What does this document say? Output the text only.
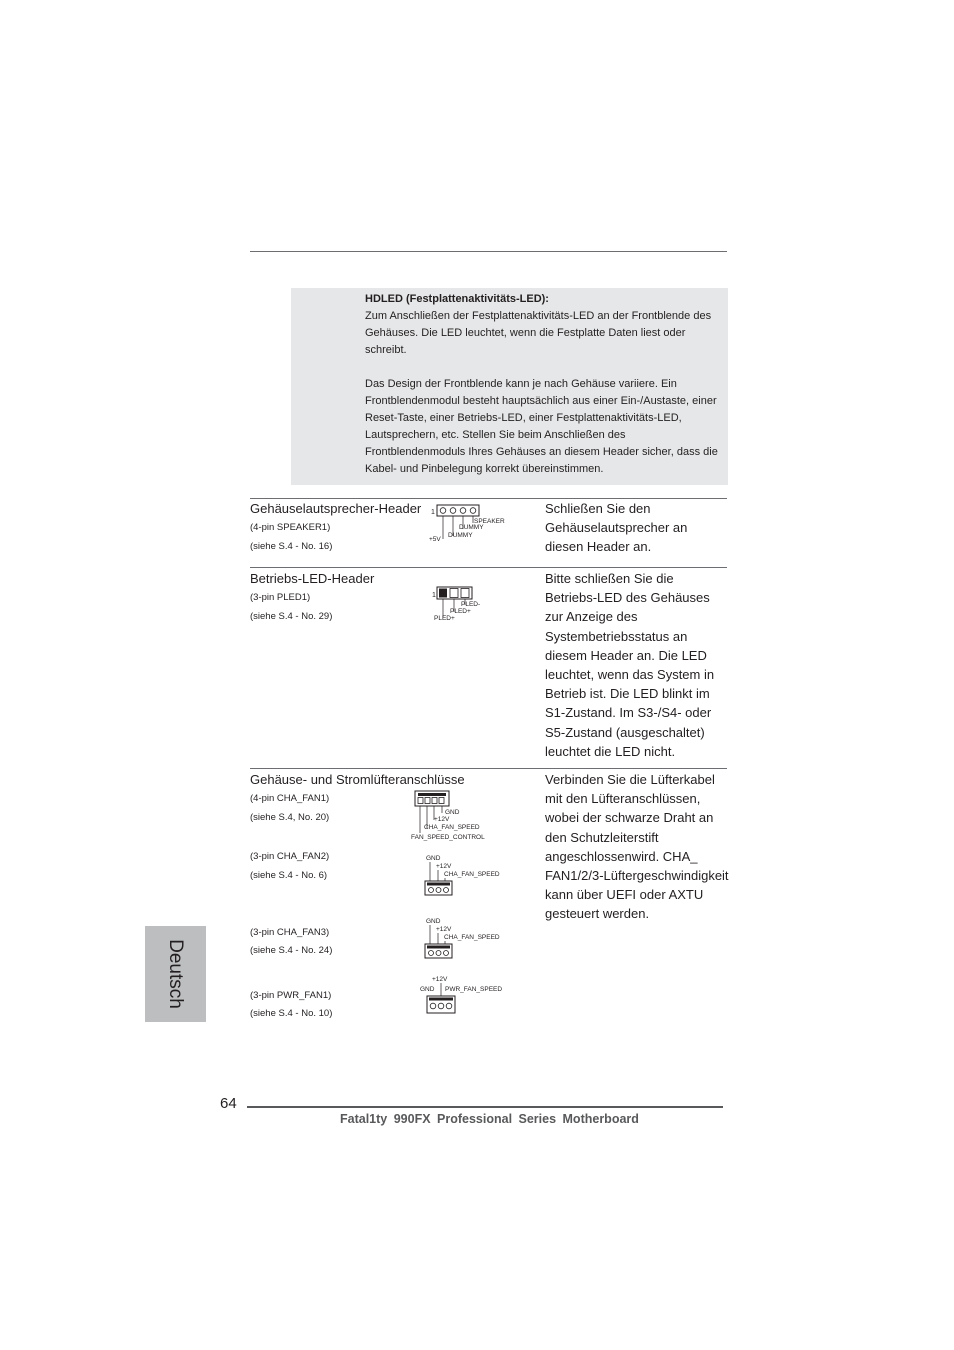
HDLED (Festplattenaktivitäts-LED):

Zum Anschließen der Festplattenaktivitäts-LED an der Frontblende des

Gehäuses. Die LED leuchtet, wenn die Festplatte Daten liest oder

schreibt.

Das Design der Frontblende kann je nach Gehäuse variiere. Ein

Frontblendenmodul besteht hauptsächlich aus einer Ein-/Austaste, einer

Reset-Taste, einer Betriebs-LED, einer Festplattenaktivitäts-LED,

Lautsprechern, etc. Stellen Sie beim Anschließen des

Frontblendenmoduls Ihres Gehäuses an diesem Header sicher, dass die

Kabel- und Pinbelegung korrekt übereinstimmen.

Gehäuselautsprecher-Header
(4-pin SPEAKER1)
(siehe S.4 - No. 16)
1
SPEAKER
DUMMY
DUMMY
+5V
Schließen Sie den
Gehäuselautsprecher an
diesen Header an.
Betriebs-LED-Header
(3-pin PLED1)
(siehe S.4 - No. 29)
1
PLED-
PLED+
PLED+
Bitte schließen Sie die
Betriebs-LED des Gehäuses
zur Anzeige des
Systembetriebsstatus an
diesem Header an. Die LED
leuchtet, wenn das System in
Betrieb ist. Die LED blinkt im
S1-Zustand. Im S3-/S4- oder
S5-Zustand (ausgeschaltet)
leuchtet die LED nicht.
Gehäuse- und Stromlüfteranschlüsse
(4-pin CHA_FAN1)
(siehe S.4, No. 20)	GND
+12V
CHA_FAN_SPEED
FAN_SPEED_CONTROL
(3-pin CHA_FAN2)
(siehe S.4 - No. 6)
GND
+12V
CHA_FAN_SPEED
(3-pin CHA_FAN3)
(siehe S.4 - No. 24)
GND
+12V
CHA_FAN_SPEED
(3-pin PWR_FAN1)
(siehe S.4 - No. 10)
+12V
GND PWR_FAN_SPEED
Verbinden Sie die Lüfterkabel
mit den Lüfteranschlüssen,
wobei der schwarze Draht an
den Schutzleiterstift
angeschlossenwird. CHA_
FAN1/2/3-Lüftergeschwindigkeit
kann über UEFI oder AXTU
gesteuert werden.
Deutsch
64
Fatal1ty 990FX Professional Series Motherboard
